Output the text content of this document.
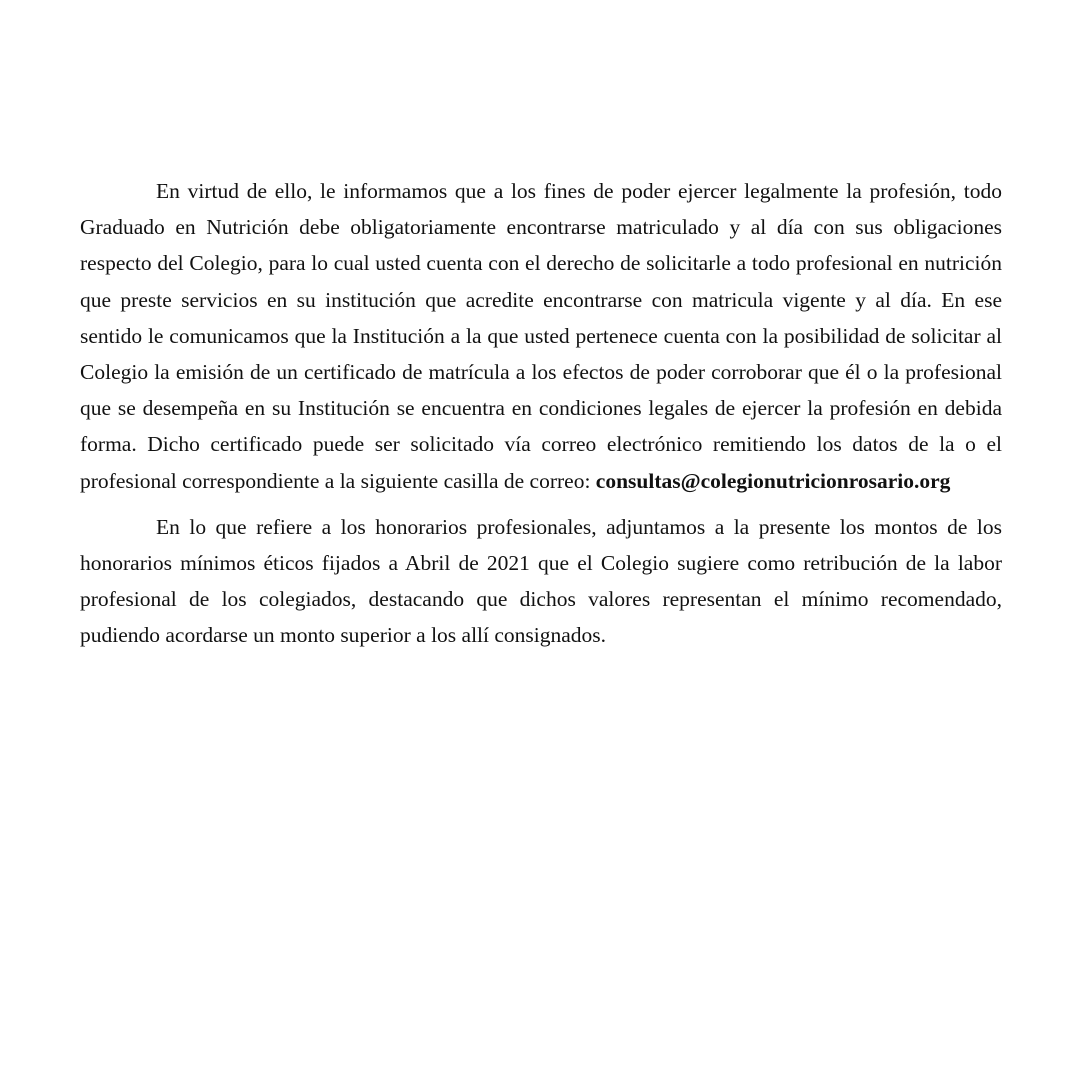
En virtud de ello, le informamos que a los fines de poder ejercer legalmente la profesión, todo Graduado en Nutrición debe obligatoriamente encontrarse matriculado y al día con sus obligaciones respecto del Colegio, para lo cual usted cuenta con el derecho de solicitarle a todo profesional en nutrición que preste servicios en su institución que acredite encontrarse con matricula vigente y al día. En ese sentido le comunicamos que la Institución a la que usted pertenece cuenta con la posibilidad de solicitar al Colegio la emisión de un certificado de matrícula a los efectos de poder corroborar que él o la profesional que se desempeña en su Institución se encuentra en condiciones legales de ejercer la profesión en debida forma. Dicho certificado puede ser solicitado vía correo electrónico remitiendo los datos de la o el profesional correspondiente a la siguiente casilla de correo: consultas@colegionutricionrosario.org

En lo que refiere a los honorarios profesionales, adjuntamos a la presente los montos de los honorarios mínimos éticos fijados a Abril de 2021 que el Colegio sugiere como retribución de la labor profesional de los colegiados, destacando que dichos valores representan el mínimo recomendado, pudiendo acordarse un monto superior a los allí consignados.
